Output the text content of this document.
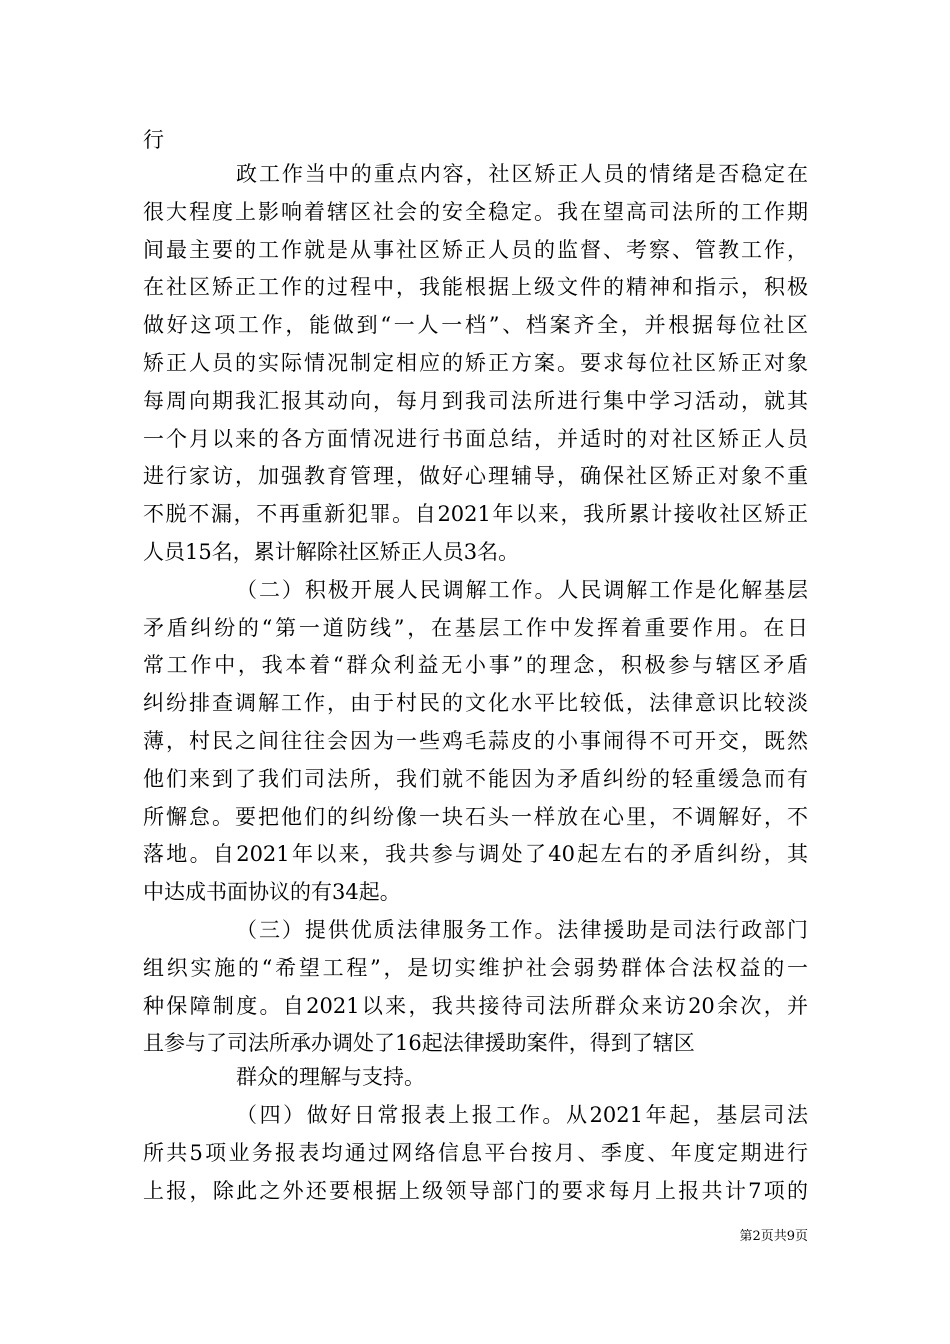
行
政工作当中的重点内容，社区矫正人员的情绪是否稳定在
很大程度上影响着辖区社会的安全稳定。我在望高司法所的工作期
间最主要的工作就是从事社区矫正人员的监督、考察、管教工作，
在社区矫正工作的过程中，我能根据上级文件的精神和指示，积极
做好这项工作，能做到“一人一档”、档案齐全，并根据每位社区
矫正人员的实际情况制定相应的矫正方案。要求每位社区矫正对象
每周向期我汇报其动向，每月到我司法所进行集中学习活动，就其
一个月以来的各方面情况进行书面总结，并适时的对社区矫正人员
进行家访，加强教育管理，做好心理辅导，确保社区矫正对象不重
不脱不漏，不再重新犯罪。自2021年以来，我所累计接收社区矫正
人员15名，累计解除社区矫正人员3名。
（二）积极开展人民调解工作。人民调解工作是化解基层
矛盾纠纷的“第一道防线”，在基层工作中发挥着重要作用。在日
常工作中，我本着“群众利益无小事”的理念，积极参与辖区矛盾
纠纷排查调解工作，由于村民的文化水平比较低，法律意识比较淡
薄，村民之间往往会因为一些鸡毛蒜皮的小事闹得不可开交，既然
他们来到了我们司法所，我们就不能因为矛盾纠纷的轻重缓急而有
所懈怠。要把他们的纠纷像一块石头一样放在心里，不调解好，不
落地。自2021年以来，我共参与调处了40起左右的矛盾纠纷，其
中达成书面协议的有34起。
（三）提供优质法律服务工作。法律援助是司法行政部门
组织实施的“希望工程”，是切实维护社会弱势群体合法权益的一
种保障制度。自2021以来，我共接待司法所群众来访20余次，并
且参与了司法所承办调处了16起法律援助案件，得到了辖区
群众的理解与支持。
（四）做好日常报表上报工作。从2021年起，基层司法
所共5项业务报表均通过网络信息平台按月、季度、年度定期进行
上报，除此之外还要根据上级领导部门的要求每月上报共计7项的
第2页共9页
